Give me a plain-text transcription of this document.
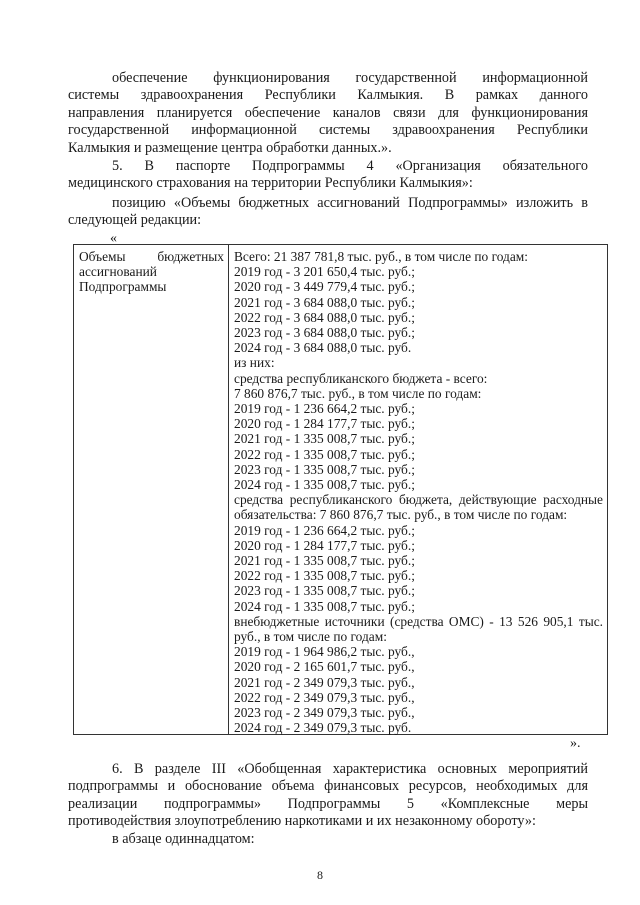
обеспечение функционирования государственной информационной
системы здравоохранения Республики Калмыкия. В рамках данного
направления планируется обеспечение каналов связи для функционирования
государственной информационной системы здравоохранения Республики
Калмыкия и размещение центра обработки данных.».
5. В паспорте Подпрограммы 4 «Организация обязательного
медицинского страхования на территории Республики Калмыкия»:
позицию «Объемы бюджетных ассигнований Подпрограммы» изложить в
следующей редакции:
«
Объемы бюджетных
ассигнований
Подпрограммы
Всего: 21 387 781,8 тыс. руб., в том числе по годам:
2019 год - 3 201 650,4 тыс. руб.;
2020 год - 3 449 779,4 тыс. руб.;
2021 год - 3 684 088,0 тыс. руб.;
2022 год - 3 684 088,0 тыс. руб.;
2023 год - 3 684 088,0 тыс. руб.;
2024 год - 3 684 088,0 тыс. руб.
из них:
средства республиканского бюджета - всего:
7 860 876,7 тыс. руб., в том числе по годам:
2019 год - 1 236 664,2 тыс. руб.;
2020 год - 1 284 177,7 тыс. руб.;
2021 год - 1 335 008,7 тыс. руб.;
2022 год - 1 335 008,7 тыс. руб.;
2023 год - 1 335 008,7 тыс. руб.;
2024 год - 1 335 008,7 тыс. руб.;
средства республиканского бюджета, действующие расходные
обязательства: 7 860 876,7 тыс. руб., в том числе по годам:
2019 год - 1 236 664,2 тыс. руб.;
2020 год - 1 284 177,7 тыс. руб.;
2021 год - 1 335 008,7 тыс. руб.;
2022 год - 1 335 008,7 тыс. руб.;
2023 год - 1 335 008,7 тыс. руб.;
2024 год - 1 335 008,7 тыс. руб.;
внебюджетные источники (средства ОМС) - 13 526 905,1 тыс.
руб., в том числе по годам:
2019 год - 1 964 986,2 тыс. руб.,
2020 год - 2 165 601,7 тыс. руб.,
2021 год - 2 349 079,3 тыс. руб.,
2022 год - 2 349 079,3 тыс. руб.,
2023 год - 2 349 079,3 тыс. руб.,
2024 год - 2 349 079,3 тыс. руб.
».
6. В разделе III «Обобщенная характеристика основных мероприятий
подпрограммы и обоснование объема финансовых ресурсов, необходимых для
реализации подпрограммы» Подпрограммы 5 «Комплексные меры
противодействия злоупотреблению наркотиками и их незаконному обороту»:
в абзаце одиннадцатом:
8
